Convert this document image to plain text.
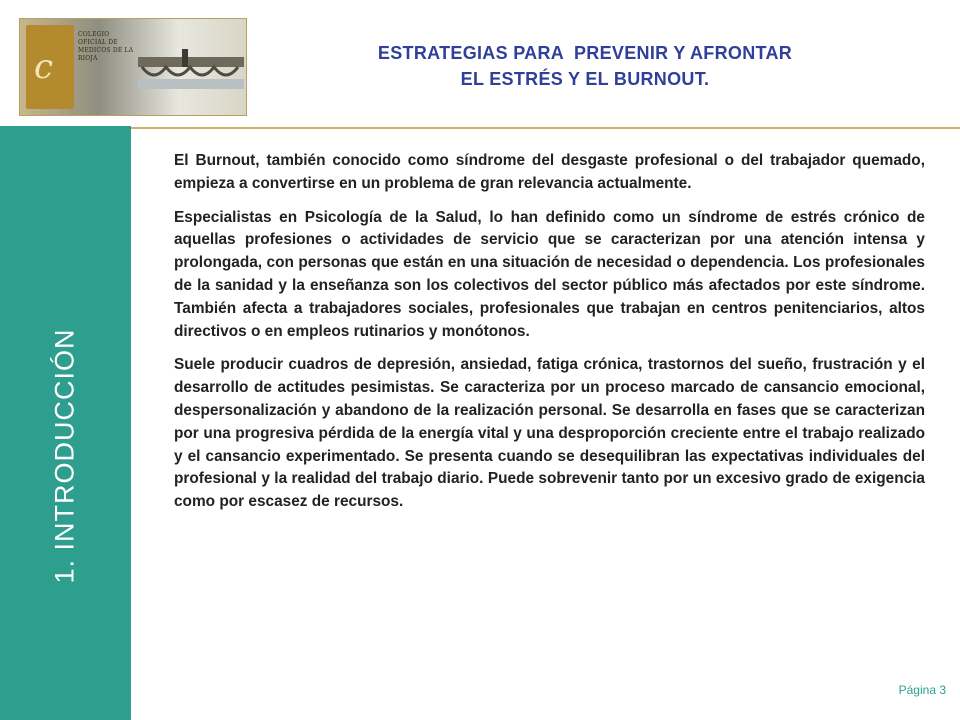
c
COLEGIO OFICIAL DE MEDICOS DE LA RIOJA	ESTRATEGIAS PARA  PREVENIR Y AFRONTAR
EL ESTRÉS Y EL BURNOUT.
1. INTRODUCCIÓN

El Burnout, también conocido como síndrome del desgaste profesional o del trabajador quemado, empieza a convertirse en un problema de gran relevancia actualmente.

Especialistas en Psicología de la Salud, lo han definido como un síndrome de estrés crónico de aquellas profesiones o actividades de servicio que se caracterizan por una atención intensa y prolongada, con personas que están en una situación de necesidad o dependencia. Los profesionales de la sanidad y la enseñanza son los colectivos del sector público más afectados por este síndrome. También afecta a trabajadores sociales, profesionales que trabajan en centros penitenciarios, altos directivos o en empleos rutinarios y monótonos.

Suele producir cuadros de depresión, ansiedad, fatiga crónica, trastornos del sueño, frustración y el desarrollo de actitudes pesimistas. Se caracteriza por un proceso marcado de cansancio emocional, despersonalización y abandono de la realización personal. Se desarrolla en fases que se caracterizan por una progresiva pérdida de la energía vital y una desproporción creciente entre el trabajo realizado y el cansancio experimentado. Se presenta cuando se desequilibran las expectativas individuales del profesional y la realidad del trabajo diario. Puede sobrevenir tanto por un excesivo grado de exigencia como por escasez de recursos.

Página 3
